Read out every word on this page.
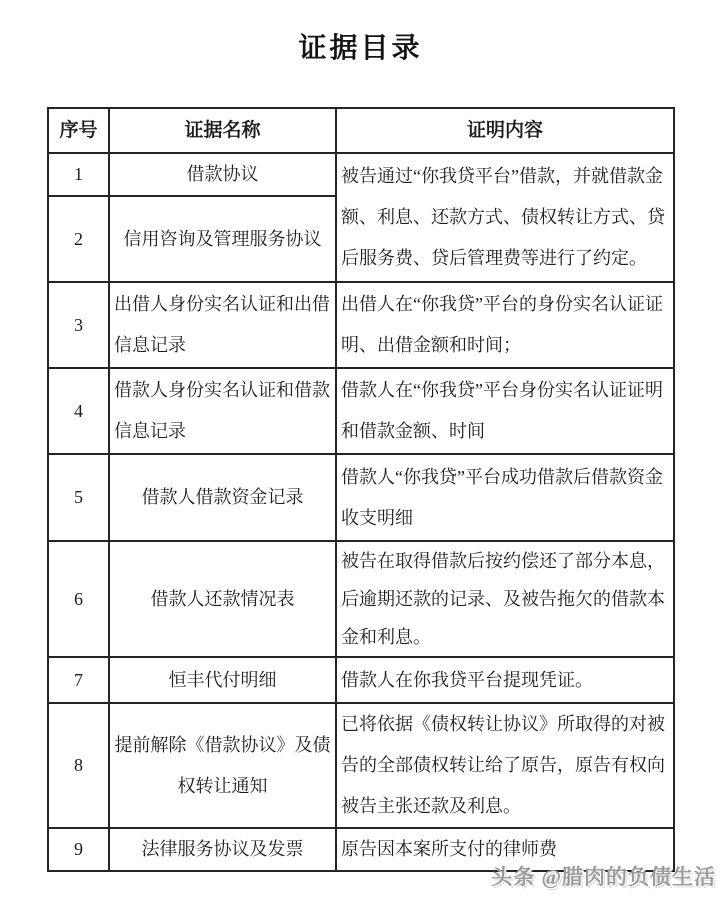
证据目录
序号	证据名称	证明内容
1	借款协议	被告通过“你我贷平台”借款，并就借款金额、利息、还款方式、债权转让方式、贷后服务费、贷后管理费等进行了约定。
2	信用咨询及管理服务协议	
3	出借人身份实名认证和出借信息记录	出借人在“你我贷”平台的身份实名认证证明、出借金额和时间；
4	借款人身份实名认证和借款信息记录	借款人在“你我贷”平台身份实名认证证明和借款金额、时间
5	借款人借款资金记录	借款人“你我贷”平台成功借款后借款资金收支明细
6	借款人还款情况表	被告在取得借款后按约偿还了部分本息，后逾期还款的记录、及被告拖欠的借款本金和利息。
7	恒丰代付明细	借款人在你我贷平台提现凭证。
8	提前解除《借款协议》及债权转让通知	已将依据《债权转让协议》所取得的对被告的全部债权转让给了原告，原告有权向被告主张还款及利息。
9	法律服务协议及发票	原告因本案所支付的律师费
头条 @腊肉的负债生活
